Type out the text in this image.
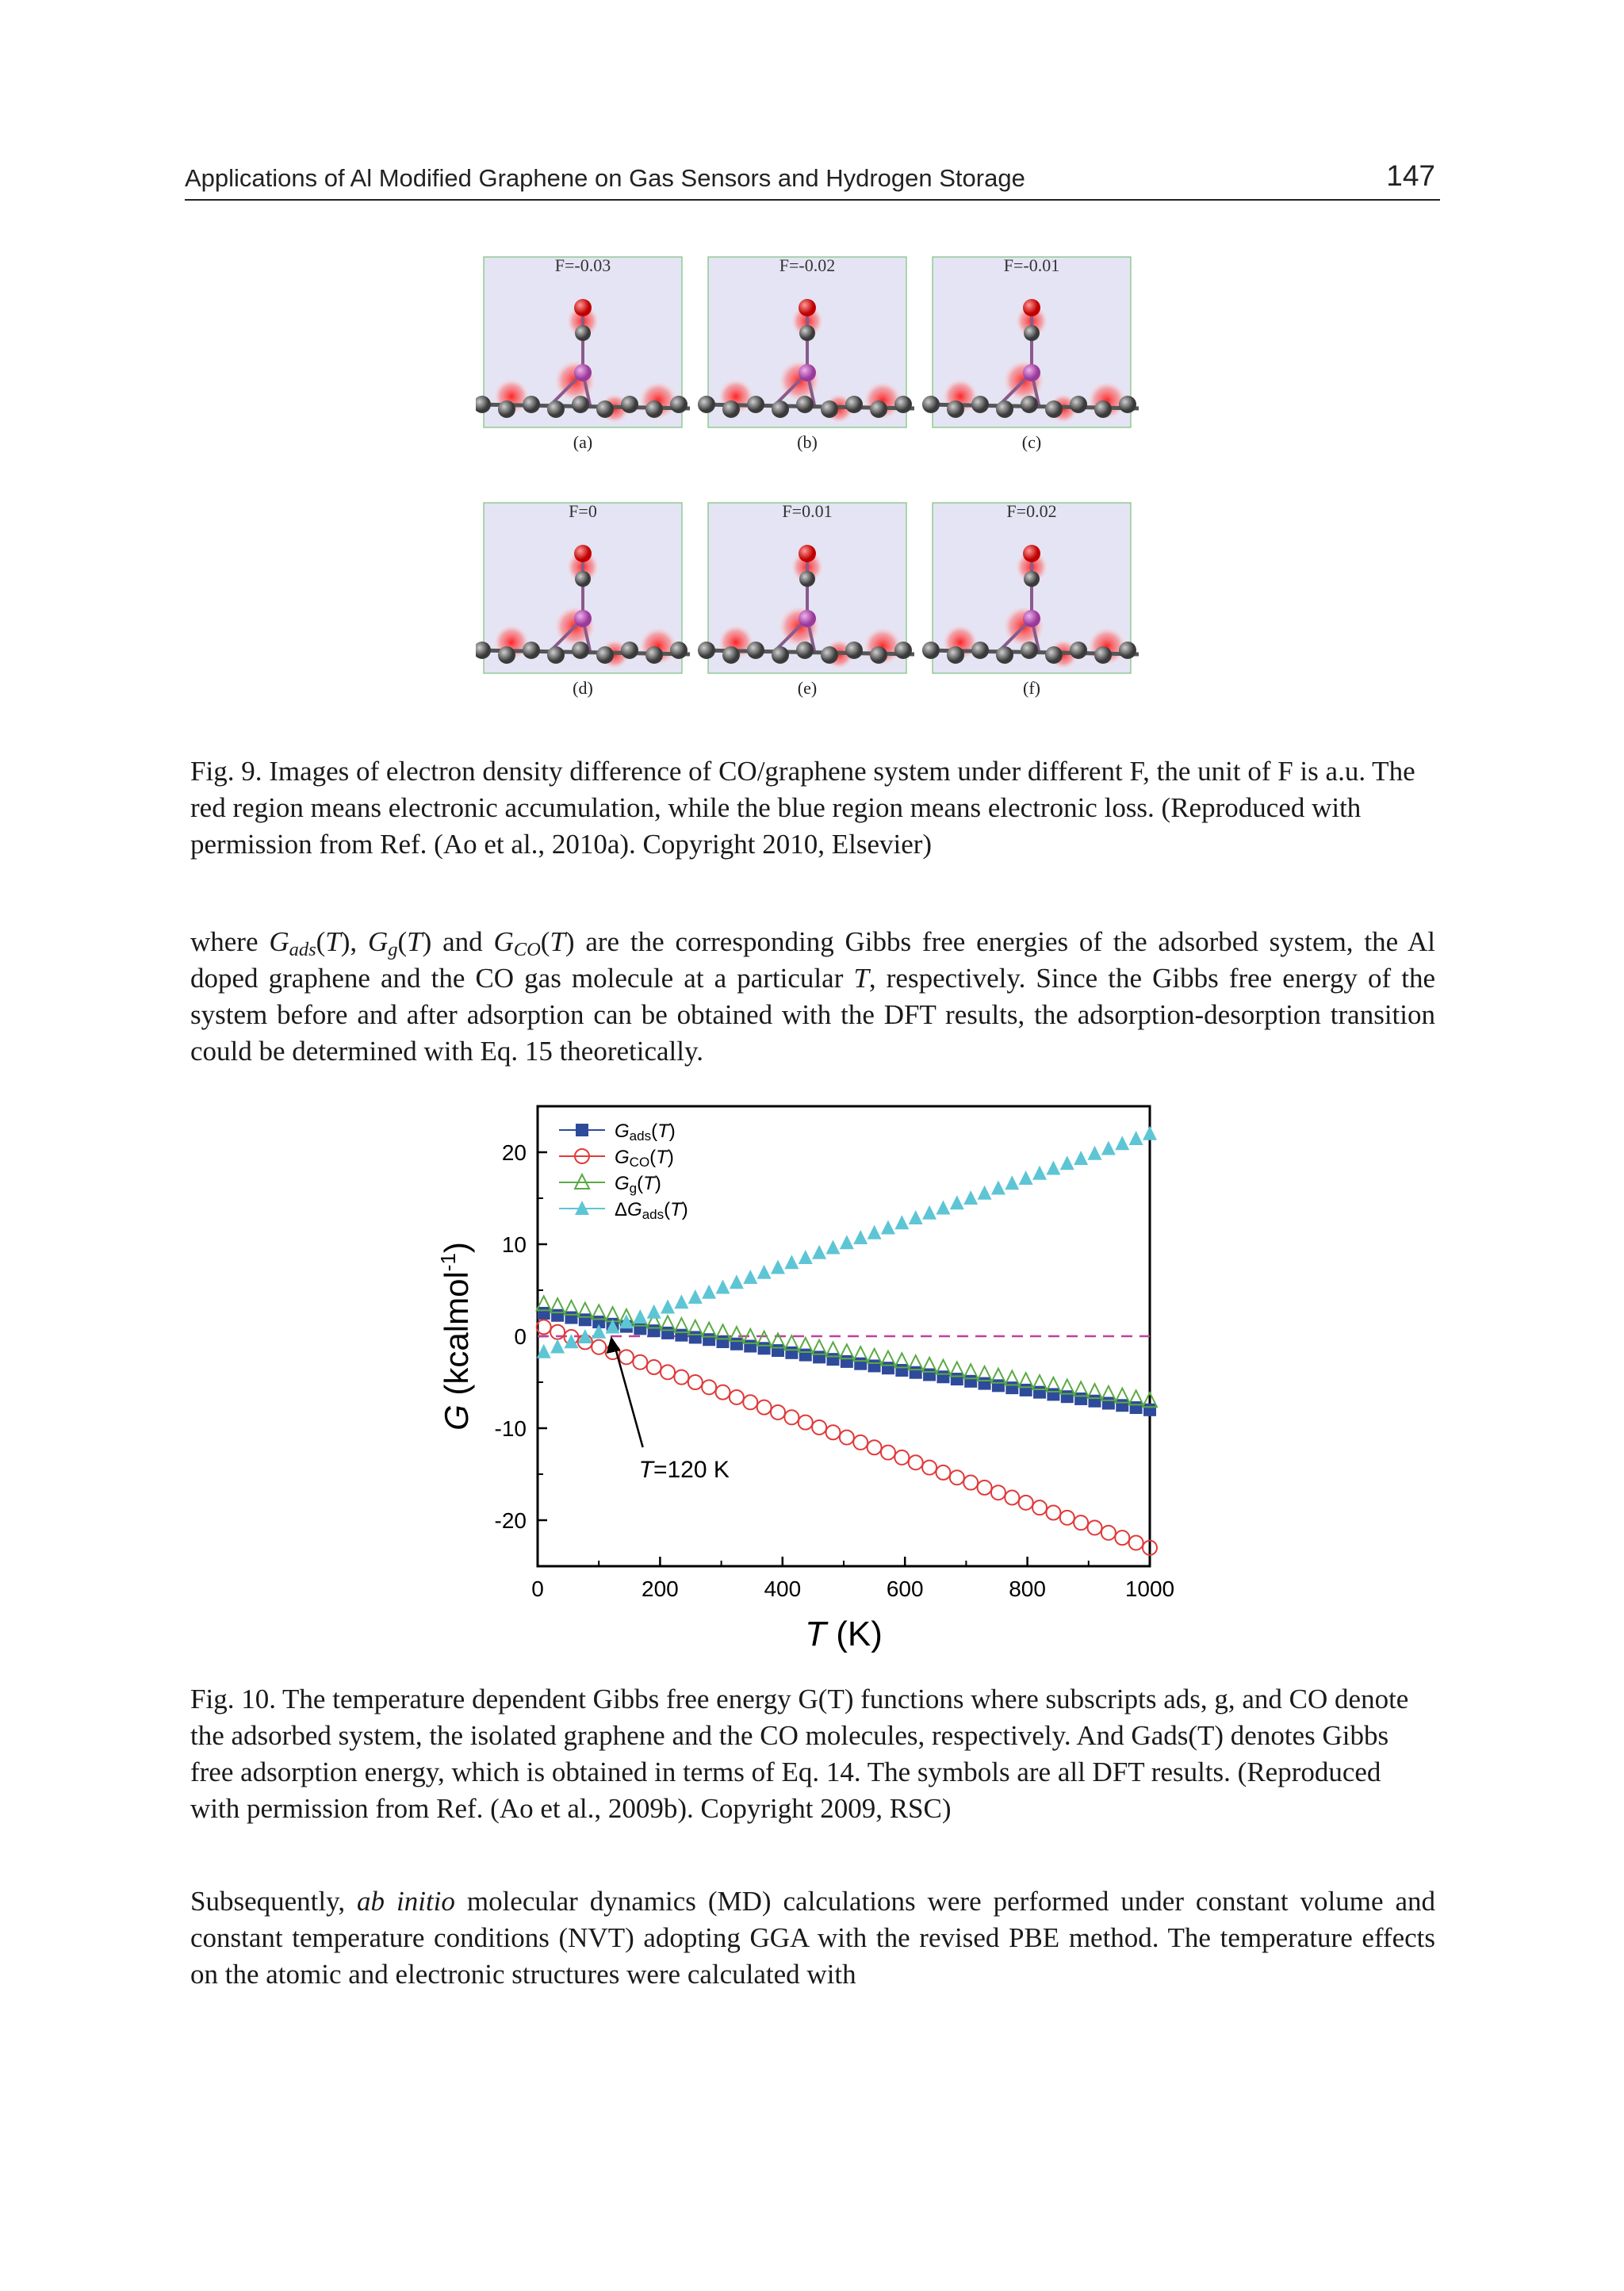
Applications of Al Modified Graphene on Gas Sensors and Hydrogen Storage	147
F=-0.03
(a)
F=-0.02
(b)
F=-0.01
(c)
F=0
(d)
F=0.01
(e)
F=0.02
(f)
Fig. 9. Images of electron density difference of CO/graphene system under different F, the unit of F is a.u. The red region means electronic accumulation, while the blue region means electronic loss. (Reproduced with permission from Ref. (Ao et al., 2010a). Copyright 2010, Elsevier)

where $G_{ads}(T)$, $G_g(T)$ and $G_{CO}(T)$ are the corresponding Gibbs free energies of the adsorbed system, the Al doped graphene and the CO gas molecule at a particular T, respectively. Since the Gibbs free energy of the system before and after adsorption can be obtained with the DFT results, the adsorption-desorption transition could be determined with Eq. 15 theoretically.

0	200	400	600	800	1000
-20
-10
0
10
20
T (K)
G (kcalmol$^{-1}$)
Gads(T)
GCO(T)
Gg(T)
ΔGads(T)
T=120 K
Fig. 10. The temperature dependent Gibbs free energy G(T) functions where subscripts ads, g, and CO denote the adsorbed system, the isolated graphene and the CO molecules, respectively. And Gads(T) denotes Gibbs free adsorption energy, which is obtained in terms of Eq. 14. The symbols are all DFT results. (Reproduced with permission from Ref. (Ao et al., 2009b). Copyright 2009, RSC)

Subsequently, ab initio molecular dynamics (MD) calculations were performed under constant volume and constant temperature conditions (NVT) adopting GGA with the revised PBE method. The temperature effects on the atomic and electronic structures were calculated with
